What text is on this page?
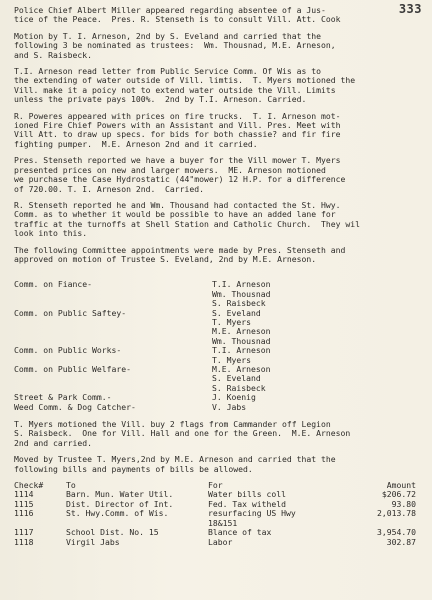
333

Police Chief Albert Miller appeared regarding absentee of a Jus-
tice of the Peace.  Pres. R. Stenseth is to consult Vill. Att. Cook

Motion by T. I. Arneson, 2nd by S. Eveland and carried that the
following 3 be nominated as trustees:  Wm. Thousnad, M.E. Arneson,
and S. Raisbeck.

T.I. Arneson read letter from Public Service Comm. Of Wis as to
the extending of water outside of Vill. limtis.  T. Myers motioned the
Vill. make it a poicy not to extend water outside the Vill. Limits
unless the private pays 100%.  2nd by T.I. Arneson. Carried.

R. Poweres appeared with prices on fire trucks.  T. I. Arneson mot-
ioned Fire Chief Powers with an Assistant and Vill. Pres. Meet with
Vill Att. to draw up specs. for bids for both chassie? and fir fire
fighting pumper.  M.E. Arneson 2nd and it carried.

Pres. Stenseth reported we have a buyer for the Vill mower T. Myers
presented prices on new and larger mowers.  ME. Arneson motioned
we purchase the Case Hydrostatic (44"mower) 12 H.P. for a difference
of 720.00. T. I. Arneson 2nd.  Carried.

R. Stenseth reported he and Wm. Thousand had contacted the St. Hwy.
Comm. as to whether it would be possible to have an added lane for
traffic at the turnoffs at Shell Station and Catholic Church.  They wil
look into this.

The following Committee appointments were made by Pres. Stenseth and
approved on motion of Trustee S. Eveland, 2nd by M.E. Arneson.

Comm. on Fiance-	T.I. Arneson
Wm. Thousnad
S. Raisbeck
Comm. on Public Saftey-	S. Eveland
T. Myers
M.E. Arneson
Wm. Thousnad
Comm. on Public Works-	T.I. Arneson
T. Myers
Comm. on Public Welfare-	M.E. Arneson
S. Eveland
S. Raisbeck
Street & Park Comm.-	J. Koenig
Weed Comm. & Dog Catcher-	V. Jabs

T. Myers motioned the Vill. buy 2 flags from Cammander off Legion
S. Raisbeck.  One for Vill. Hall and one for the Green.  M.E. Arneson
2nd and carried.

Moved by Trustee T. Myers,2nd by M.E. Arneson and carried that the
following bills and payments of bills be allowed.

Check#	To	For	Amount
1114	Barn. Mun. Water Util.	Water bills coll	$206.72
1115	Dist. Director of Int.	Fed. Tax witheld	93.80
1116	St. Hwy.Comm. of Wis.	resurfacing US Hwy	2,013.78
18&151
1117	School Dist. No. 15	Blance of tax	3,954.70
1118	Virgil Jabs	Labor	302.87
